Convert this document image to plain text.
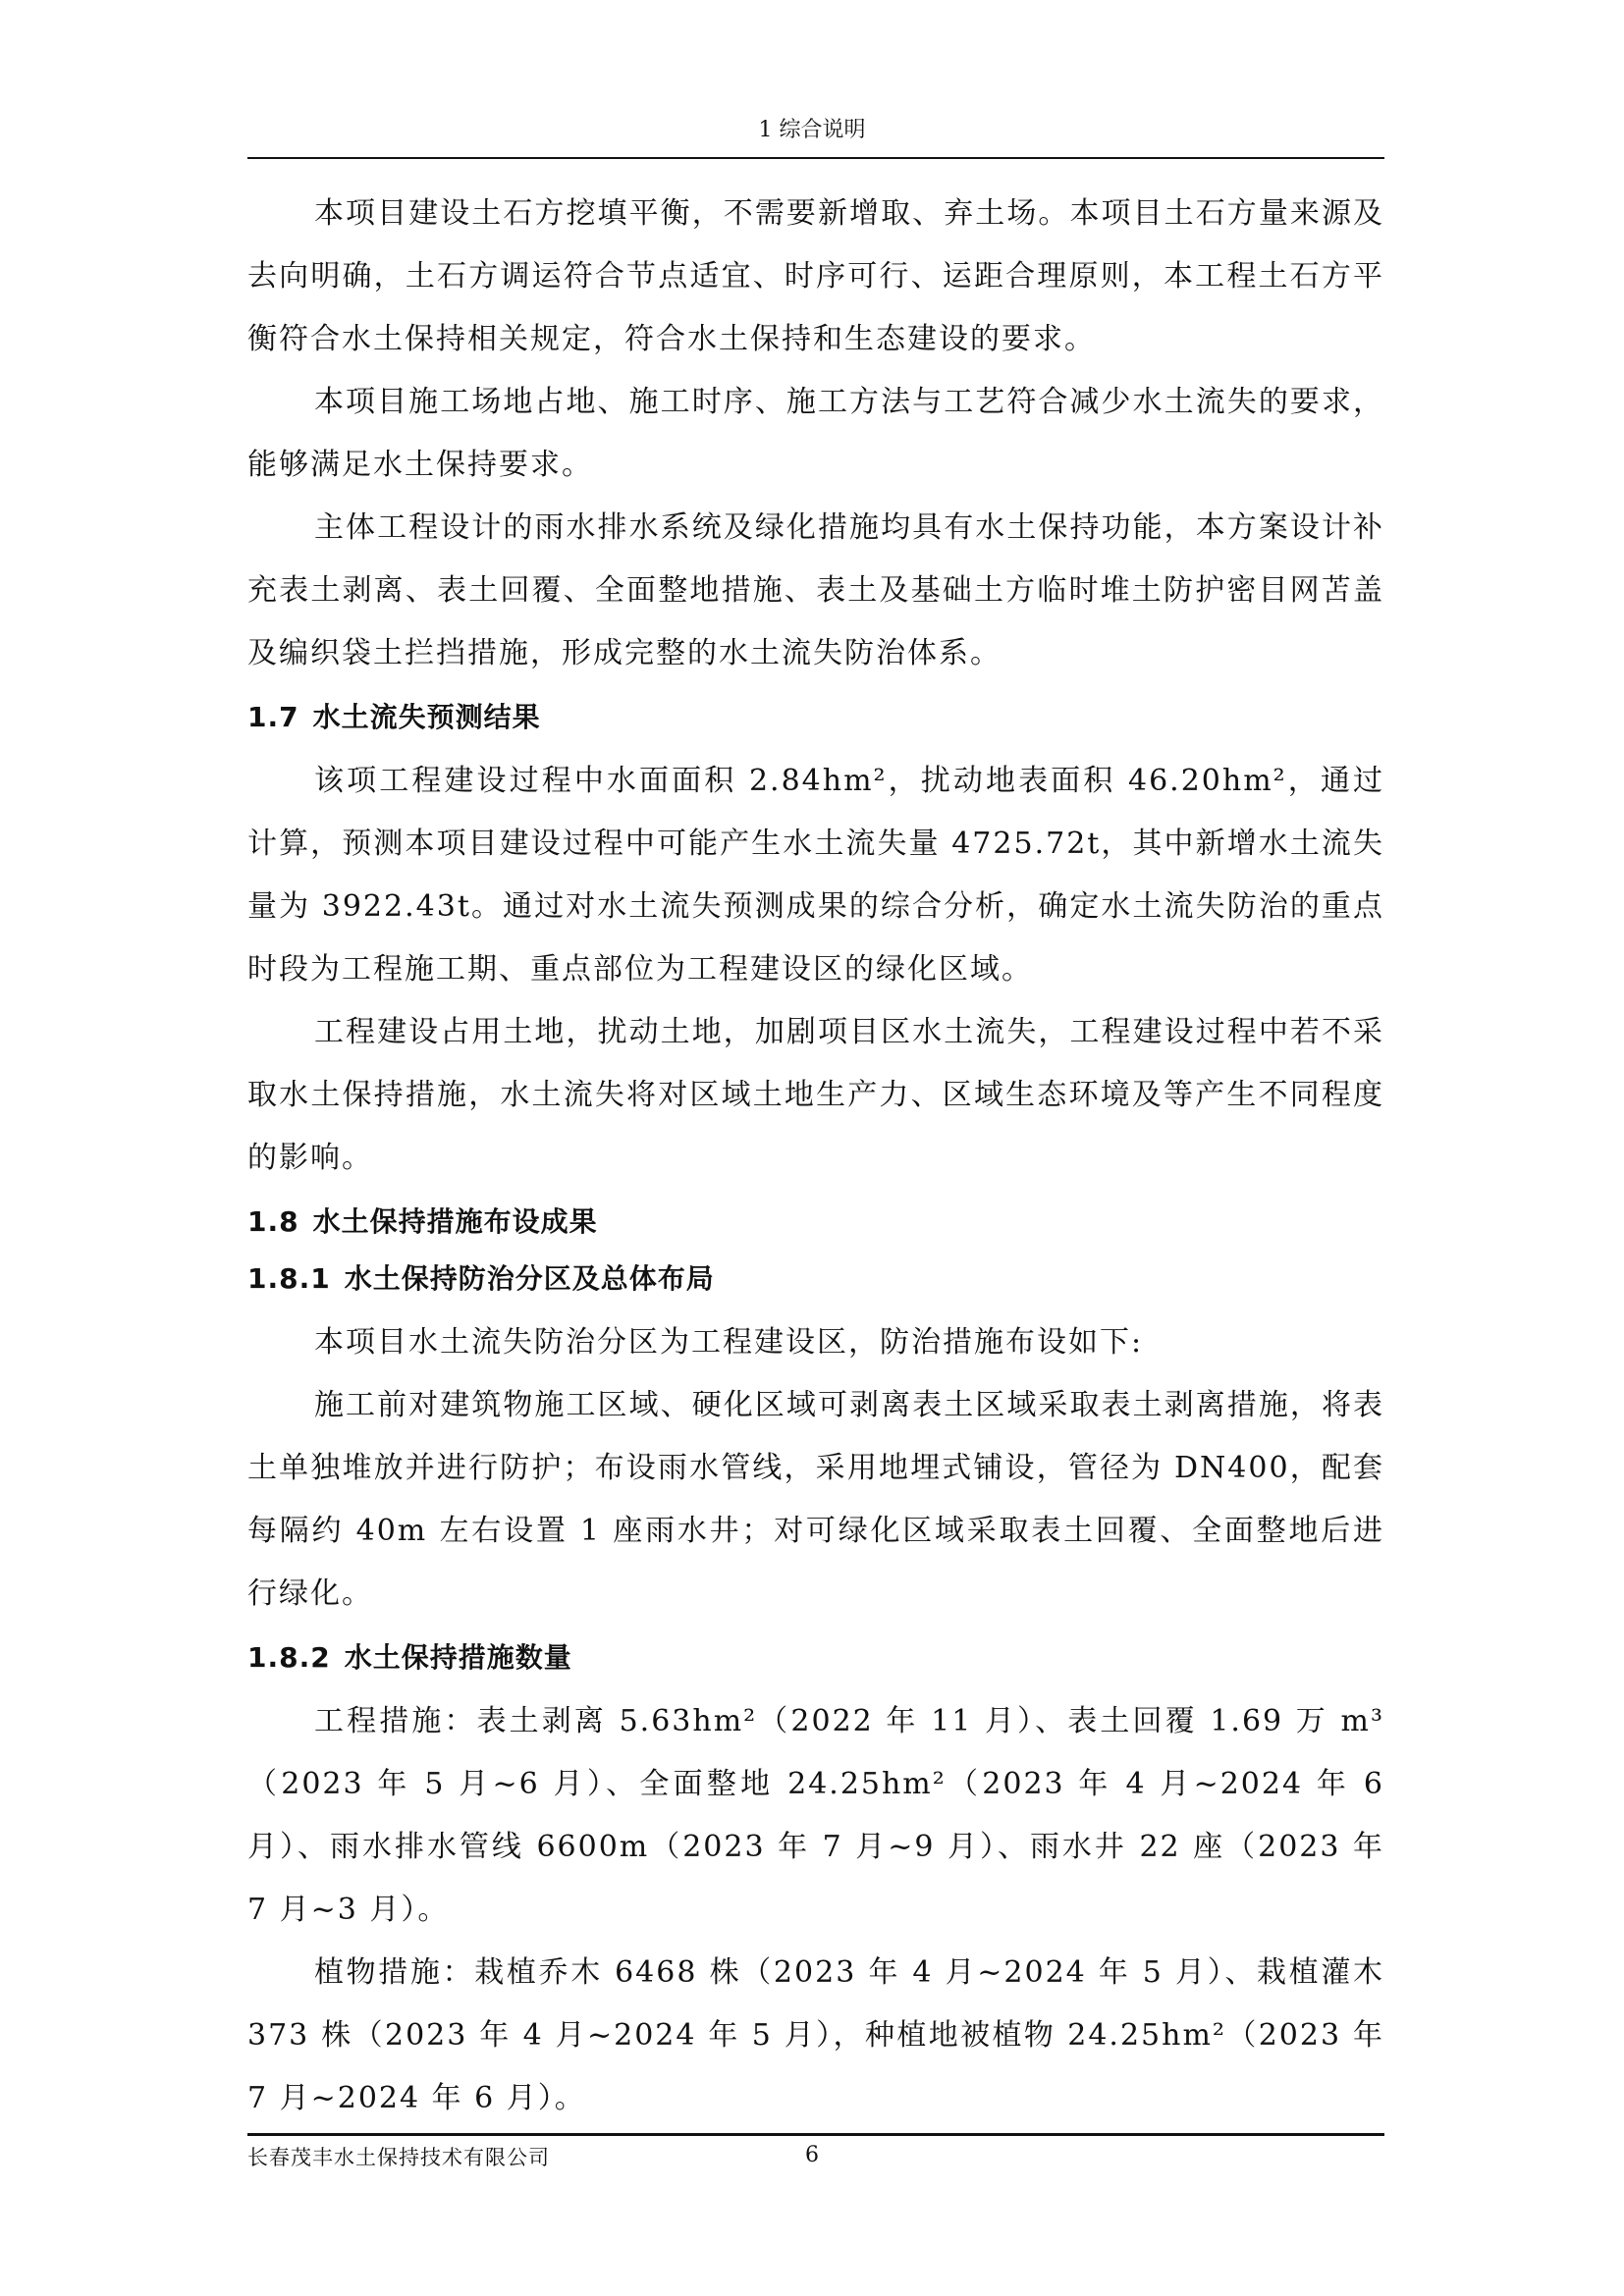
1 综合说明

本项目建设土石方挖填平衡，不需要新增取、弃土场。本项目土石方量来源及去向明确，土石方调运符合节点适宜、时序可行、运距合理原则，本工程土石方平衡符合水土保持相关规定，符合水土保持和生态建设的要求。

本项目施工场地占地、施工时序、施工方法与工艺符合减少水土流失的要求，能够满足水土保持要求。

主体工程设计的雨水排水系统及绿化措施均具有水土保持功能，本方案设计补充表土剥离、表土回覆、全面整地措施、表土及基础土方临时堆土防护密目网苫盖及编织袋土拦挡措施，形成完整的水土流失防治体系。

1.7 水土流失预测结果

该项工程建设过程中水面面积 2.84hm²，扰动地表面积 46.20hm²，通过计算，预测本项目建设过程中可能产生水土流失量 4725.72t，其中新增水土流失量为 3922.43t。通过对水土流失预测成果的综合分析，确定水土流失防治的重点时段为工程施工期、重点部位为工程建设区的绿化区域。

工程建设占用土地，扰动土地，加剧项目区水土流失，工程建设过程中若不采取水土保持措施，水土流失将对区域土地生产力、区域生态环境及等产生不同程度的影响。

1.8 水土保持措施布设成果
1.8.1 水土保持防治分区及总体布局

本项目水土流失防治分区为工程建设区，防治措施布设如下:

施工前对建筑物施工区域、硬化区域可剥离表土区域采取表土剥离措施，将表土单独堆放并进行防护；布设雨水管线，采用地埋式铺设，管径为 DN400，配套每隔约 40m 左右设置 1 座雨水井；对可绿化区域采取表土回覆、全面整地后进行绿化。

1.8.2 水土保持措施数量

工程措施：表土剥离 5.63hm²（2022 年 11 月）、表土回覆 1.69 万 m³（2023 年 5 月~6 月）、全面整地 24.25hm²（2023 年 4 月~2024 年 6 月）、雨水排水管线 6600m（2023 年 7 月~9 月）、雨水井 22 座（2023 年 7 月~3 月）。

植物措施：栽植乔木 6468 株（2023 年 4 月~2024 年 5 月）、栽植灌木 373 株（2023 年 4 月~2024 年 5 月），种植地被植物 24.25hm²（2023 年 7 月~2024 年 6 月）。

长春茂丰水土保持技术有限公司	6
